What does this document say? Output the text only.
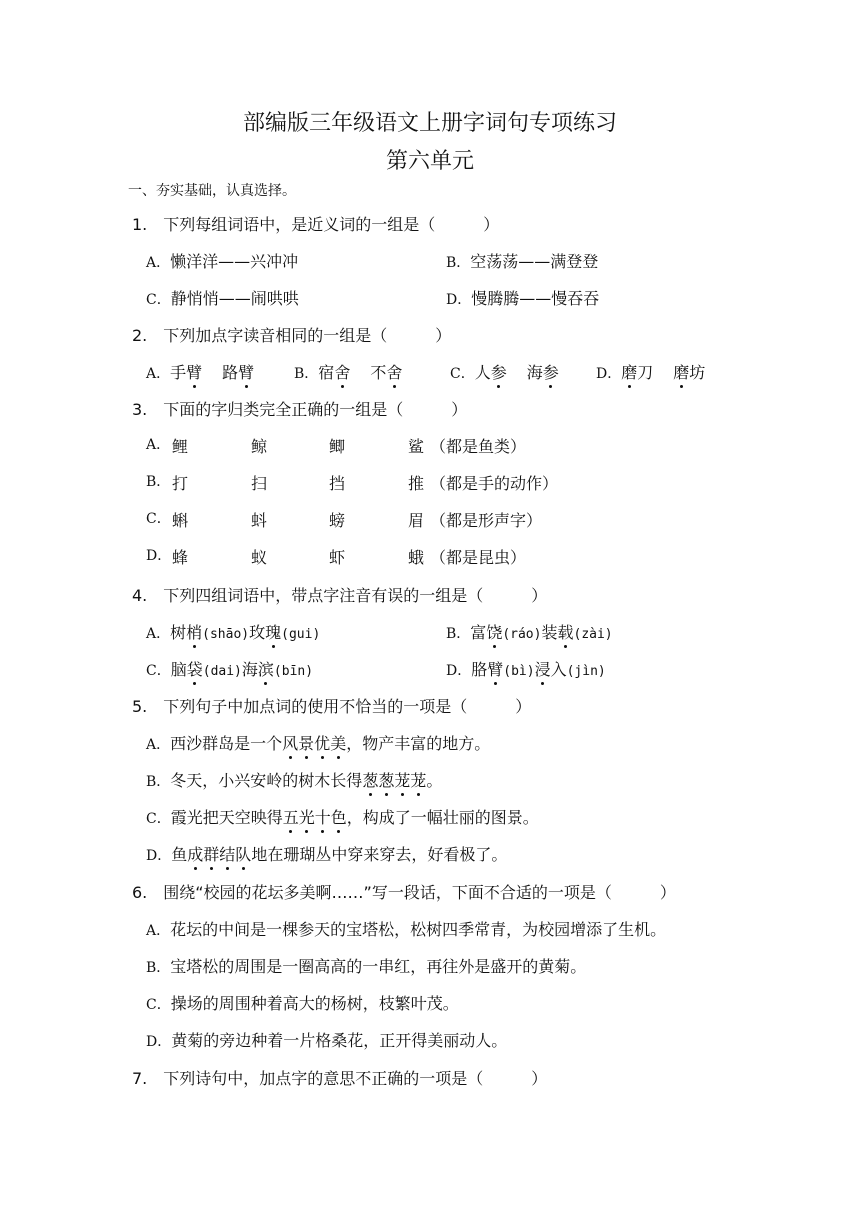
部编版三年级语文上册字词句专项练习
第六单元
一、夯实基础，认真选择。
1. 下列每组词语中，是近义词的一组是（　　　）
A．懒洋洋——兴冲冲	B．空荡荡——满登登
C．静悄悄——闹哄哄	D．慢腾腾——慢吞吞
2. 下列加点字读音相同的一组是（　　　）
A．手臂 路臂	B．宿舍 不舍	C．人参 海参	D．磨刀 磨坊
3. 下面的字归类完全正确的一组是（　　　）
A． 鲤	鲸	鲫	鲨 （都是鱼类）
B． 打	扫	挡	推 （都是手的动作）
C． 蝌	蚪	螃	眉 （都是形声字）
D． 蜂	蚁	虾	蛾 （都是昆虫）
4. 下列四组词语中，带点字注音有误的一组是（　　　）
A．树梢(shāo)玫瑰(gui)	B．富饶(ráo)装载(zài)
C．脑袋(dai)海滨(bīn)	D．胳臂(bì)浸入(jìn)
5. 下列句子中加点词的使用不恰当的一项是（　　　）
A．西沙群岛是一个风景优美，物产丰富的地方。
B．冬天，小兴安岭的树木长得葱葱茏茏。
C．霞光把天空映得五光十色，构成了一幅壮丽的图景。
D．鱼成群结队地在珊瑚丛中穿来穿去，好看极了。
6. 围绕“校园的花坛多美啊……”写一段话，下面不合适的一项是（　　　）
A．花坛的中间是一棵参天的宝塔松，松树四季常青，为校园增添了生机。
B．宝塔松的周围是一圈高高的一串红，再往外是盛开的黄菊。
C．操场的周围种着高大的杨树，枝繁叶茂。
D．黄菊的旁边种着一片格桑花，正开得美丽动人。
7. 下列诗句中，加点字的意思不正确的一项是（　　　）
